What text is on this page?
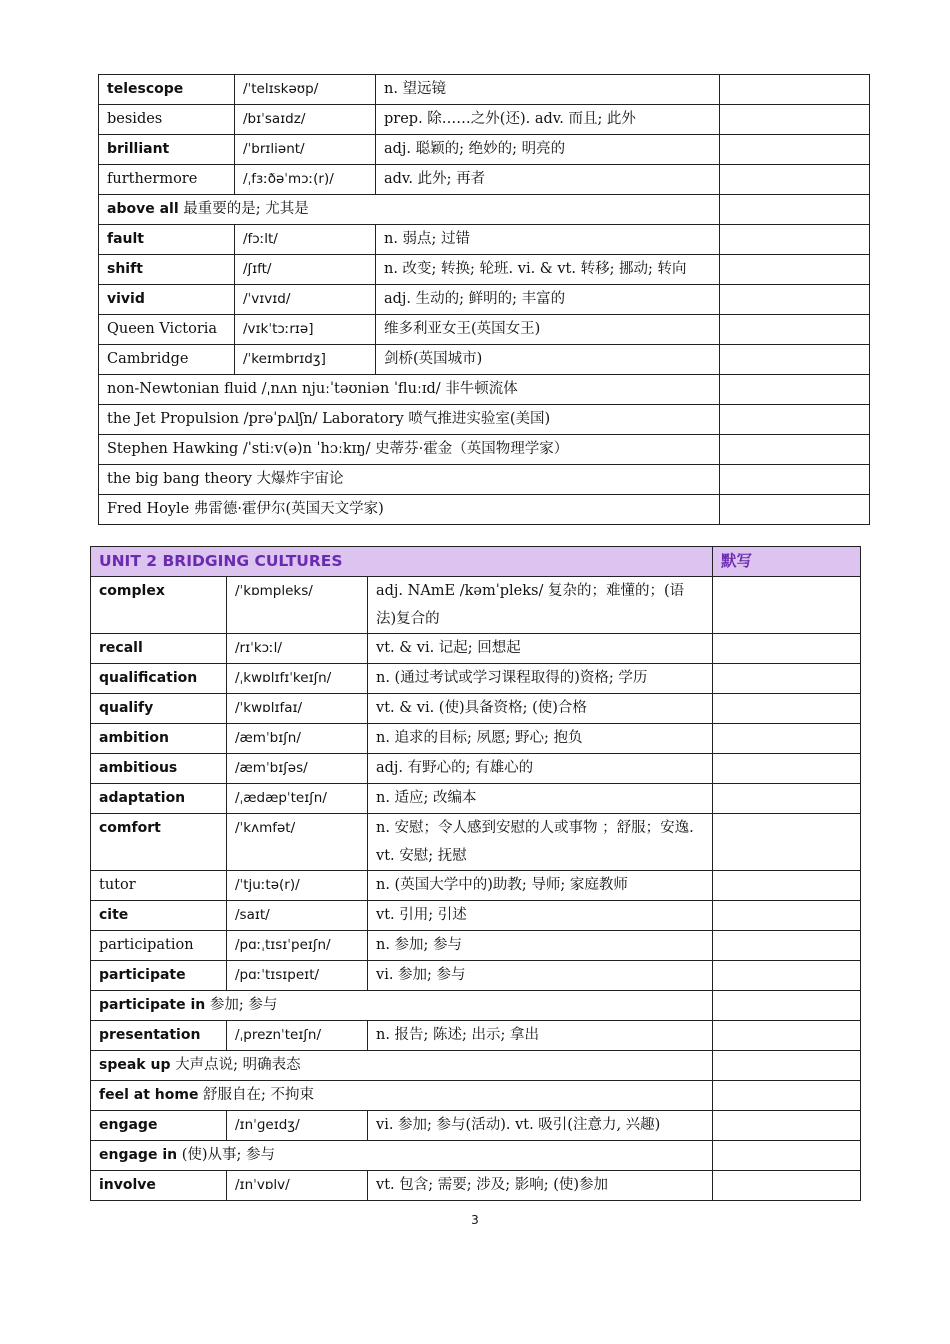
telescope	/ˈtelɪskəʊp/	n. 望远镜	
besides	/bɪˈsaɪdz/	prep. 除……之外(还). adv. 而且; 此外	
brilliant	/ˈbrɪliənt/	adj. 聪颖的; 绝妙的; 明亮的	
furthermore	/ˌfɜːðəˈmɔː(r)/	adv. 此外; 再者	
above all 最重要的是; 尤其是			
fault	/fɔːlt/	n. 弱点; 过错	
shift	/ʃɪft/	n. 改变; 转换; 轮班. vi. & vt. 转移; 挪动; 转向	
vivid	/ˈvɪvɪd/	adj. 生动的; 鲜明的; 丰富的	
Queen Victoria	/vɪkˈtɔːrɪə]	维多利亚女王(英国女王)	
Cambridge	/ˈkeɪmbrɪdʒ]	剑桥(英国城市)	
non-Newtonian fluid /ˌnʌn njuːˈtəʊniən ˈfluːɪd/ 非牛顿流体			
the Jet Propulsion /prəˈpʌlʃn/ Laboratory 喷气推进实验室(美国)			
Stephen Hawking /ˈstiːv(ə)n ˈhɔːkɪŋ/ 史蒂芬·霍金（英国物理学家）			
the big bang theory 大爆炸宇宙论			
Fred Hoyle 弗雷德·霍伊尔(英国天文学家)			
UNIT 2 BRIDGING CULTURES			默写
complex	/ˈkɒmpleks/	adj. NAmE /kəmˈpleks/ 复杂的；难懂的；(语法)复合的	
recall	/rɪˈkɔːl/	vt. & vi. 记起; 回想起	
qualification	/ˌkwɒlɪfɪˈkeɪʃn/	n. (通过考试或学习课程取得的)资格; 学历	
qualify	/ˈkwɒlɪfaɪ/	vt. & vi. (使)具备资格; (使)合格	
ambition	/æmˈbɪʃn/	n. 追求的目标; 夙愿; 野心; 抱负	
ambitious	/æmˈbɪʃəs/	adj. 有野心的; 有雄心的	
adaptation	/ˌædæpˈteɪʃn/	n. 适应; 改编本	
comfort	/ˈkʌmfət/	n. 安慰；令人感到安慰的人或事物 ；舒服；安逸. vt. 安慰; 抚慰	
tutor	/ˈtjuːtə(r)/	n. (英国大学中的)助教; 导师; 家庭教师	
cite	/saɪt/	vt. 引用; 引述	
participation	/pɑːˌtɪsɪˈpeɪʃn/	n. 参加; 参与	
participate	/pɑːˈtɪsɪpeɪt/	vi. 参加; 参与	
participate in 参加; 参与			
presentation	/ˌpreznˈteɪʃn/	n. 报告; 陈述; 出示; 拿出	
speak up 大声点说; 明确表态			
feel at home 舒服自在; 不拘束			
engage	/ɪnˈɡeɪdʒ/	vi. 参加; 参与(活动). vt. 吸引(注意力, 兴趣)	
engage in (使)从事; 参与			
involve	/ɪnˈvɒlv/	vt. 包含; 需要; 涉及; 影响; (使)参加	
3
